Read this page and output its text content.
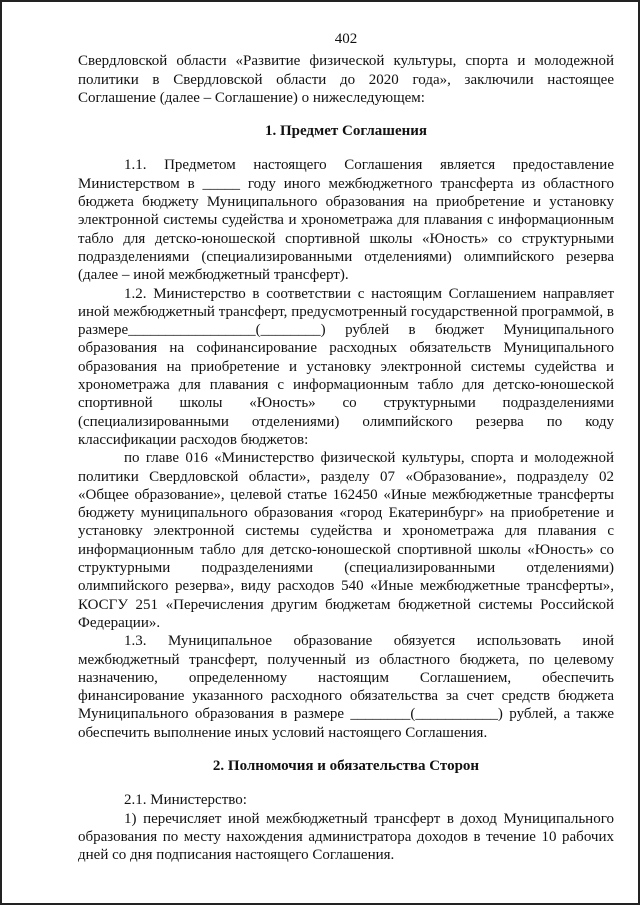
402

Свердловской области «Развитие физической культуры, спорта и молодежной политики в Свердловской области до 2020 года», заключили настоящее Соглашение (далее – Соглашение) о нижеследующем:

1. Предмет Соглашения

1.1. Предметом настоящего Соглашения является предоставление Министерством в _____ году иного межбюджетного трансферта из областного бюджета бюджету Муниципального образования на приобретение и установку электронной системы судейства и хронометража для плавания с информационным табло для детско-юношеской спортивной школы «Юность» со структурными подразделениями (специализированными отделениями) олимпийского резерва (далее – иной межбюджетный трансферт).

1.2. Министерство в соответствии с настоящим Соглашением направляет иной межбюджетный трансферт, предусмотренный государственной программой, в размере_________________(________) рублей в бюджет Муниципального образования на софинансирование расходных обязательств Муниципального образования на приобретение и установку электронной системы судейства и хронометража для плавания с информационным табло для детско-юношеской спортивной школы «Юность» со структурными подразделениями (специализированными отделениями) олимпийского резерва по коду классификации расходов бюджетов:

по главе 016 «Министерство физической культуры, спорта и молодежной политики Свердловской области», разделу 07 «Образование», подразделу 02 «Общее образование», целевой статье 162450 «Иные межбюджетные трансферты бюджету муниципального образования «город Екатеринбург» на приобретение и установку электронной системы судейства и хронометража для плавания с информационным табло для детско-юношеской спортивной школы «Юность» со структурными подразделениями (специализированными отделениями) олимпийского резерва», виду расходов 540 «Иные межбюджетные трансферты», КОСГУ 251 «Перечисления другим бюджетам бюджетной системы Российской Федерации».

1.3. Муниципальное образование обязуется использовать иной межбюджетный трансферт, полученный из областного бюджета, по целевому назначению, определенному настоящим Соглашением, обеспечить финансирование указанного расходного обязательства за счет средств бюджета Муниципального образования в размере ________(___________) рублей, а также обеспечить выполнение иных условий настоящего Соглашения.

2. Полномочия и обязательства Сторон

2.1. Министерство:

1) перечисляет иной межбюджетный трансферт в доход Муниципального образования по месту нахождения администратора доходов в течение 10 рабочих дней со дня подписания настоящего Соглашения.
